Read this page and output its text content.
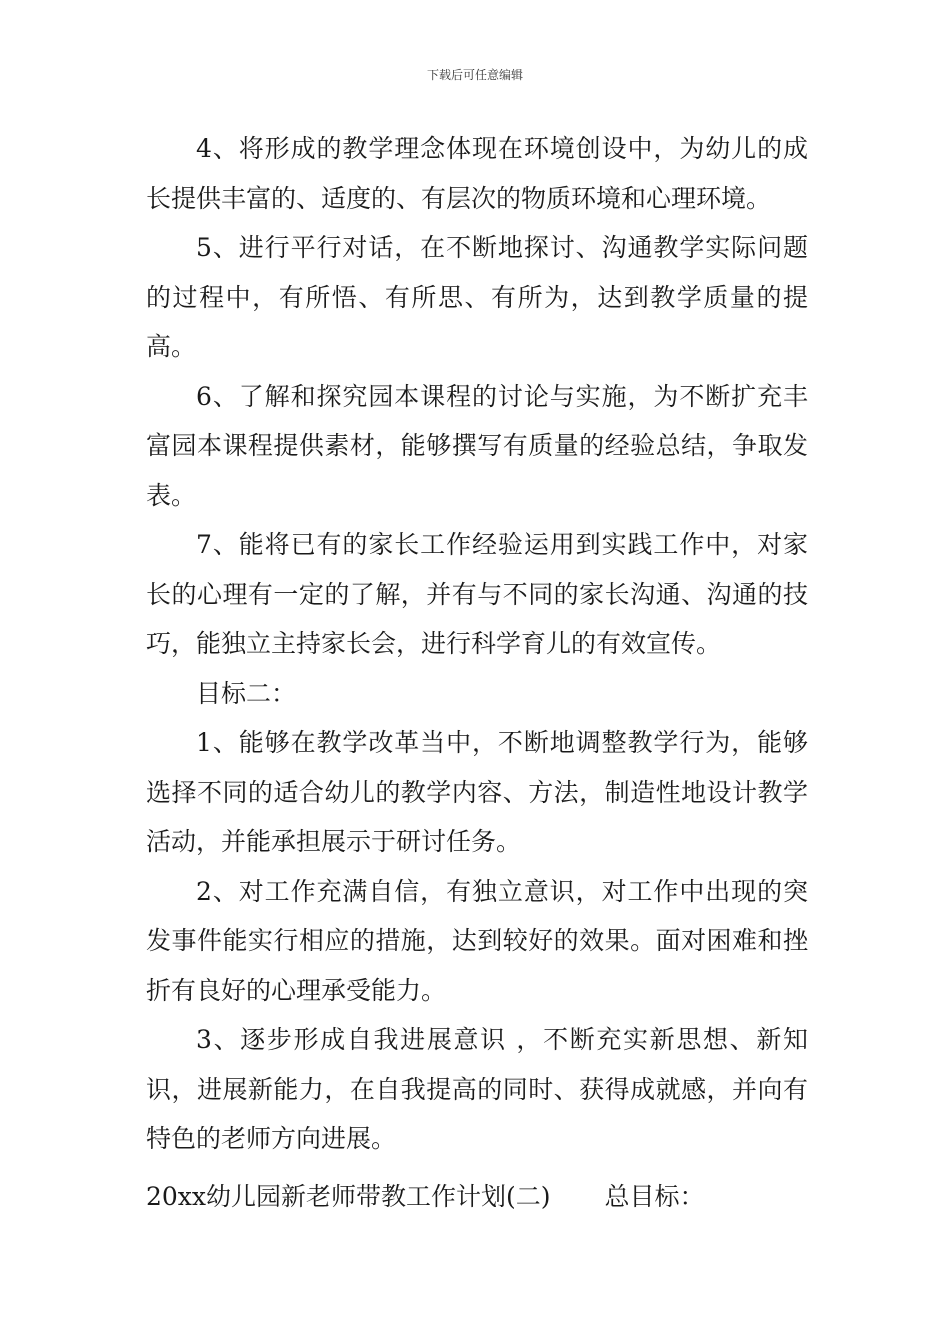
下载后可任意编辑

4、将形成的教学理念体现在环境创设中，为幼儿的成长提供丰富的、适度的、有层次的物质环境和心理环境。

5、进行平行对话，在不断地探讨、沟通教学实际问题的过程中，有所悟、有所思、有所为，达到教学质量的提高。

6、了解和探究园本课程的讨论与实施，为不断扩充丰富园本课程提供素材，能够撰写有质量的经验总结，争取发表。

7、能将已有的家长工作经验运用到实践工作中，对家长的心理有一定的了解，并有与不同的家长沟通、沟通的技巧，能独立主持家长会，进行科学育儿的有效宣传。

目标二：

1、能够在教学改革当中，不断地调整教学行为，能够选择不同的适合幼儿的教学内容、方法，制造性地设计教学活动，并能承担展示于研讨任务。

2、对工作充满自信，有独立意识，对工作中出现的突发事件能实行相应的措施，达到较好的效果。面对困难和挫折有良好的心理承受能力。

3、逐步形成自我进展意识 ，不断充实新思想、新知识，进展新能力，在自我提高的同时、获得成就感，并向有特色的老师方向进展。

20xx幼儿园新老师带教工作计划(二) 总目标：
